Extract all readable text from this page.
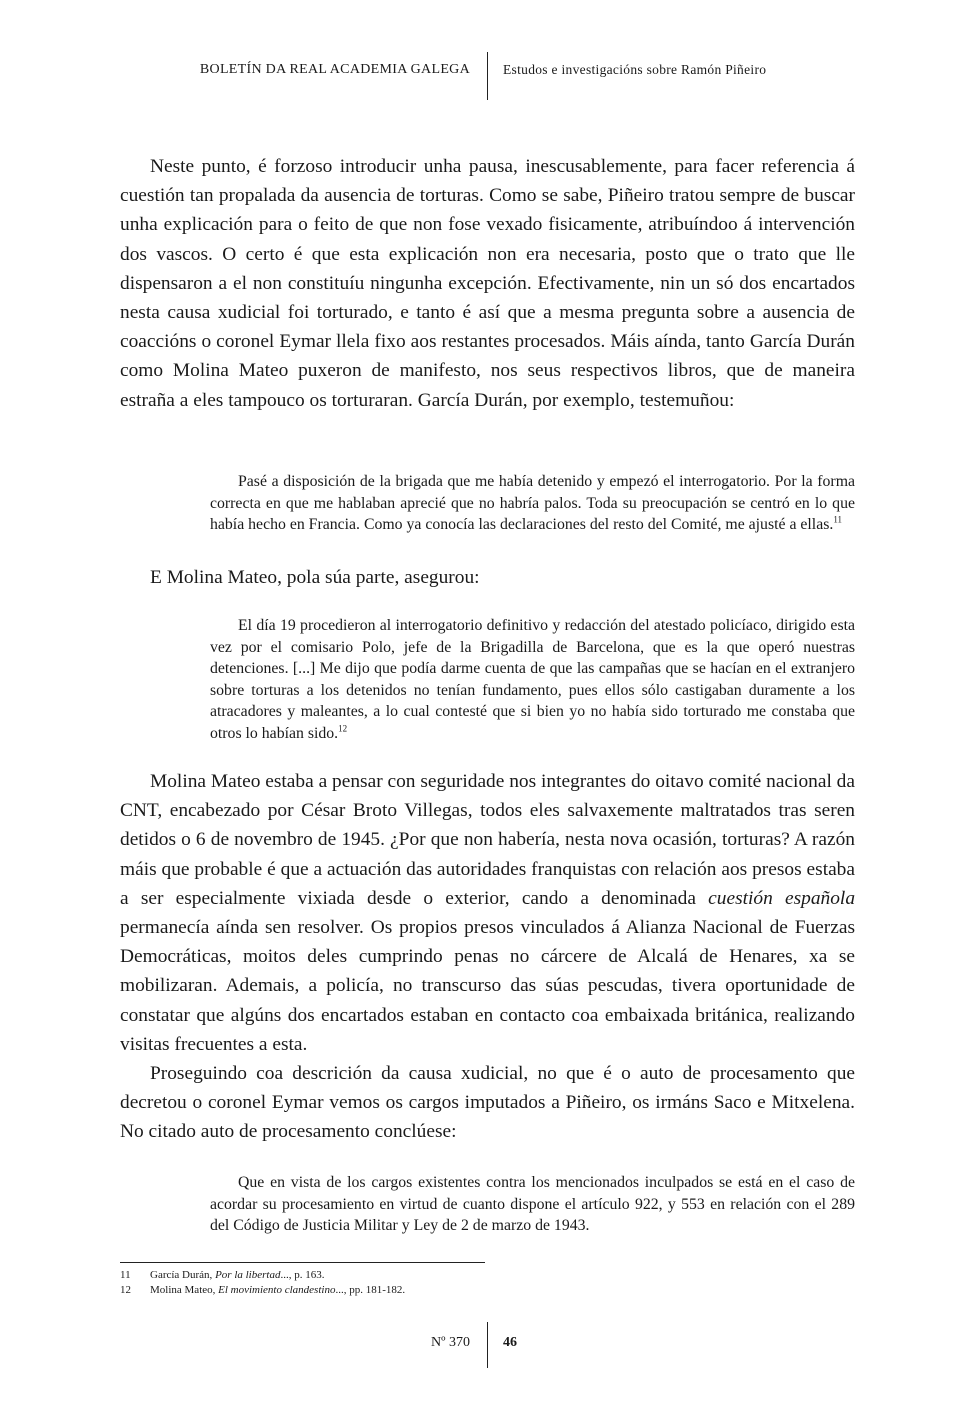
BOLETÍN DA REAL ACADEMIA GALEGA Estudos e investigacións sobre Ramón Piñeiro

Neste punto, é forzoso introducir unha pausa, inescusablemente, para facer referencia á cuestión tan propalada da ausencia de torturas. Como se sabe, Piñeiro tratou sempre de buscar unha explicación para o feito de que non fose vexado fisicamente, atribuíndoo á intervención dos vascos. O certo é que esta explicación non era necesaria, posto que o trato que lle dispensaron a el non constituíu ningunha excepción. Efectivamente, nin un só dos encartados nesta causa xudicial foi torturado, e tanto é así que a mesma pregunta sobre a ausencia de coaccións o coronel Eymar llela fixo aos restantes procesados. Máis aínda, tanto García Durán como Molina Mateo puxeron de manifesto, nos seus respectivos libros, que de maneira estraña a eles tampouco os torturaran. García Durán, por exemplo, testemuñou:

Pasé a disposición de la brigada que me había detenido y empezó el interrogatorio. Por la forma correcta en que me hablaban aprecié que no habría palos. Toda su preocupación se centró en lo que había hecho en Francia. Como ya conocía las declaraciones del resto del Comité, me ajusté a ellas.$^{11}$

E Molina Mateo, pola súa parte, asegurou:

El día 19 procedieron al interrogatorio definitivo y redacción del atestado policíaco, dirigido esta vez por el comisario Polo, jefe de la Brigadilla de Barcelona, que es la que operó nuestras detenciones. [...] Me dijo que podía darme cuenta de que las campañas que se hacían en el extranjero sobre torturas a los detenidos no tenían fundamento, pues ellos sólo castigaban duramente a los atracadores y maleantes, a lo cual contesté que si bien yo no había sido torturado me constaba que otros lo habían sido.$^{12}$

Molina Mateo estaba a pensar con seguridade nos integrantes do oitavo comité nacional da CNT, encabezado por César Broto Villegas, todos eles salvaxemente maltratados tras seren detidos o 6 de novembro de 1945. ¿Por que non habería, nesta nova ocasión, torturas? A razón máis que probable é que a actuación das autoridades franquistas con relación aos presos estaba a ser especialmente vixiada desde o exterior, cando a denominada cuestión española permanecía aínda sen resolver. Os propios presos vinculados á Alianza Nacional de Fuerzas Democráticas, moitos deles cumprindo penas no cárcere de Alcalá de Henares, xa se mobilizaran. Ademais, a policía, no transcurso das súas pescudas, tivera oportunidade de constatar que algúns dos encartados estaban en contacto coa embaixada británica, realizando visitas frecuentes a esta.

Proseguindo coa descrición da causa xudicial, no que é o auto de procesamento que decretou o coronel Eymar vemos os cargos imputados a Piñeiro, os irmáns Saco e Mitxelena. No citado auto de procesamento conclúese:

Que en vista de los cargos existentes contra los mencionados inculpados se está en el caso de acordar su procesamiento en virtud de cuanto dispone el artículo 922, y 553 en relación con el 289 del Código de Justicia Militar y Ley de 2 de marzo de 1943.

11 García Durán, Por la libertad..., p. 163.
12 Molina Mateo, El movimiento clandestino..., pp. 181-182.
Nº 370 46
